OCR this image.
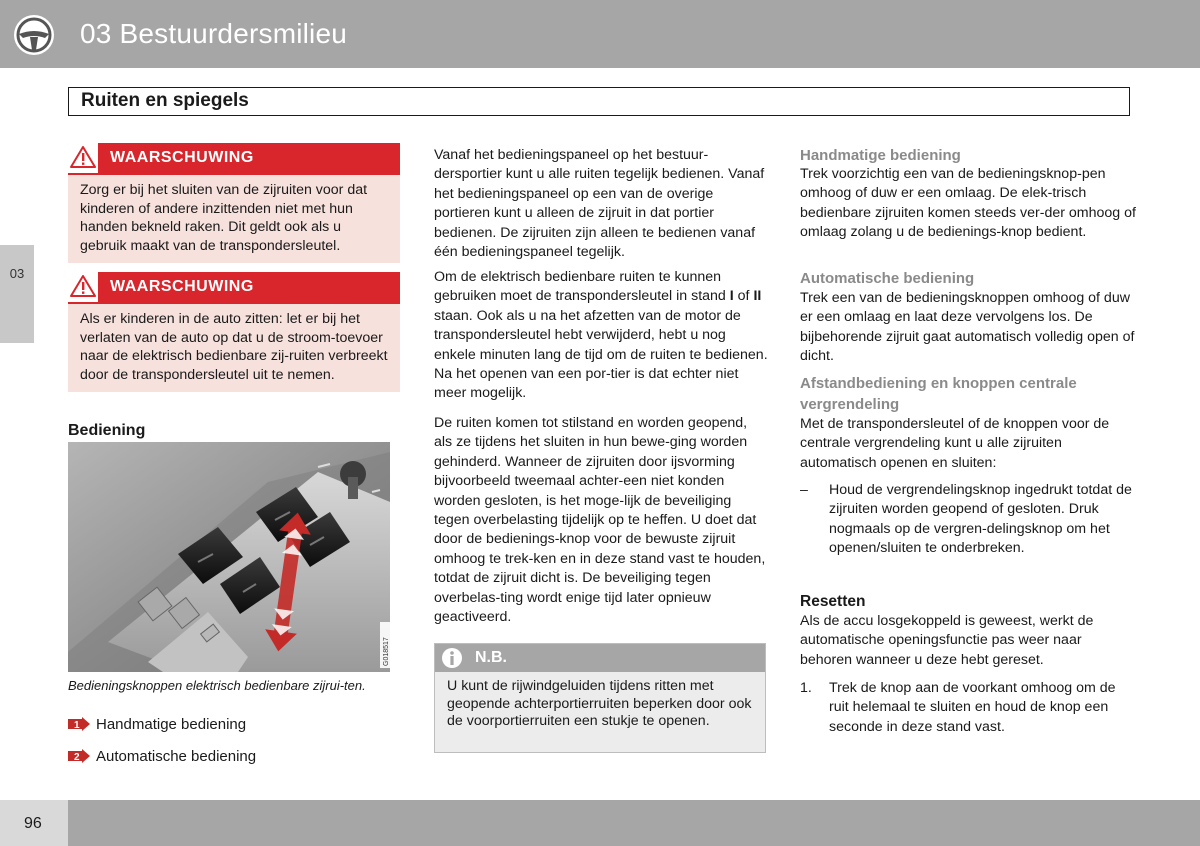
03 Bestuurdersmilieu
Ruiten en spiegels
03
WAARSCHUWING
Zorg er bij het sluiten van de zijruiten voor dat kinderen of andere inzittenden niet met hun handen bekneld raken. Dit geldt ook als u gebruik maakt van de transpondersleutel.
WAARSCHUWING
Als er kinderen in de auto zitten: let er bij het verlaten van de auto op dat u de stroom-toevoer naar de elektrisch bedienbare zij-ruiten verbreekt door de transpondersleutel uit te nemen.
Bediening
G018517
Bedieningsknoppen elektrisch bedienbare zijrui-ten.
1 Handmatige bediening
2 Automatische bediening
Vanaf het bedieningspaneel op het bestuur-dersportier kunt u alle ruiten tegelijk bedienen. Vanaf het bedieningspaneel op een van de overige portieren kunt u alleen de zijruit in dat portier bedienen. De zijruiten zijn alleen te bedienen vanaf één bedieningspaneel tegelijk.
Om de elektrisch bedienbare ruiten te kunnen gebruiken moet de transpondersleutel in stand I of II staan. Ook als u na het afzetten van de motor de transpondersleutel hebt verwijderd, hebt u nog enkele minuten lang de tijd om de ruiten te bedienen. Na het openen van een por-tier is dat echter niet meer mogelijk.
De ruiten komen tot stilstand en worden geopend, als ze tijdens het sluiten in hun bewe-ging worden gehinderd. Wanneer de zijruiten door ijsvorming bijvoorbeeld tweemaal achter-een niet konden worden gesloten, is het moge-lijk de beveiliging tegen overbelasting tijdelijk op te heffen. U doet dat door de bedienings-knop voor de bewuste zijruit omhoog te trek-ken en in deze stand vast te houden, totdat de zijruit dicht is. De beveiliging tegen overbelas-ting wordt enige tijd later opnieuw geactiveerd.
N.B.
U kunt de rijwindgeluiden tijdens ritten met geopende achterportierruiten beperken door ook de voorportierruiten een stukje te openen.
Handmatige bediening
Trek voorzichtig een van de bedieningsknop-pen omhoog of duw er een omlaag. De elek-trisch bedienbare zijruiten komen steeds ver-der omhoog of omlaag zolang u de bedienings-knop bedient.
Automatische bediening
Trek een van de bedieningsknoppen omhoog of duw er een omlaag en laat deze vervolgens los. De bijbehorende zijruit gaat automatisch volledig open of dicht.
Afstandbediening en knoppen centrale vergrendeling
Met de transpondersleutel of de knoppen voor de centrale vergrendeling kunt u alle zijruiten automatisch openen en sluiten:
–	Houd de vergrendelingsknop ingedrukt totdat de zijruiten worden geopend of gesloten. Druk nogmaals op de vergren-delingsknop om het openen/sluiten te onderbreken.
Resetten
Als de accu losgekoppeld is geweest, werkt de automatische openingsfunctie pas weer naar behoren wanneer u deze hebt gereset.
1.	Trek de knop aan de voorkant omhoog om de ruit helemaal te sluiten en houd de knop een seconde in deze stand vast.
96
